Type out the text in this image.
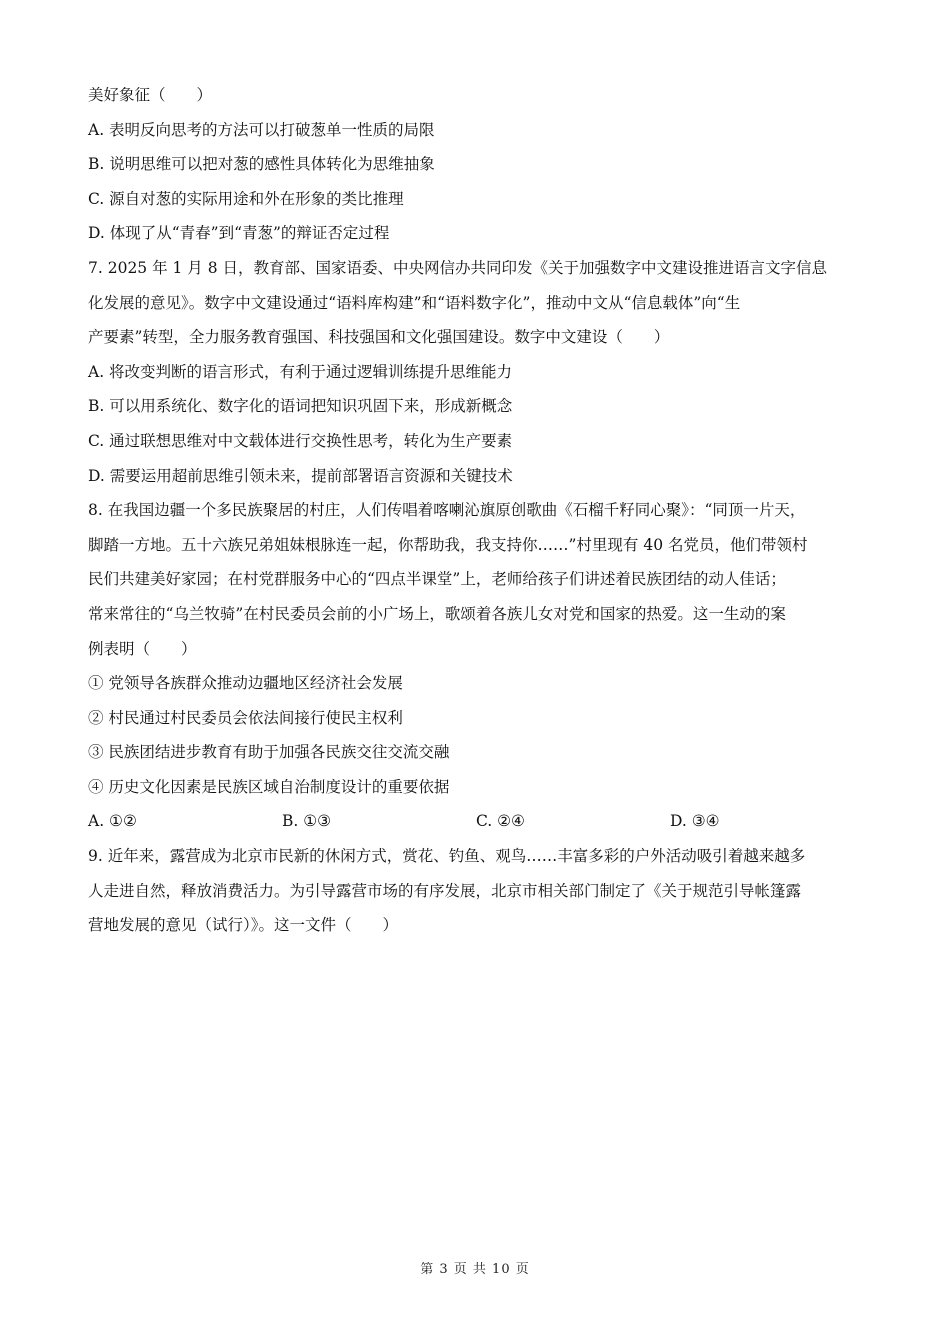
美好象征（　　）
A. 表明反向思考的方法可以打破葱单一性质的局限
B. 说明思维可以把对葱的感性具体转化为思维抽象
C. 源自对葱的实际用途和外在形象的类比推理
D. 体现了从“青春”到“青葱”的辩证否定过程
7. 2025 年 1 月 8 日，教育部、国家语委、中央网信办共同印发《关于加强数字中文建设推进语言文字信息
化发展的意见》。数字中文建设通过“语料库构建”和“语料数字化”，推动中文从“信息载体”向“生
产要素”转型，全力服务教育强国、科技强国和文化强国建设。数字中文建设（　　）
A. 将改变判断的语言形式，有利于通过逻辑训练提升思维能力
B. 可以用系统化、数字化的语词把知识巩固下来，形成新概念
C. 通过联想思维对中文载体进行交换性思考，转化为生产要素
D. 需要运用超前思维引领未来，提前部署语言资源和关键技术
8. 在我国边疆一个多民族聚居的村庄，人们传唱着喀喇沁旗原创歌曲《石榴千籽同心聚》：“同顶一片天，
脚踏一方地。五十六族兄弟姐妹根脉连一起，你帮助我，我支持你……”村里现有 40 名党员，他们带领村
民们共建美好家园；在村党群服务中心的“四点半课堂”上，老师给孩子们讲述着民族团结的动人佳话；
常来常往的“乌兰牧骑”在村民委员会前的小广场上，歌颂着各族儿女对党和国家的热爱。这一生动的案
例表明（　　）
① 党领导各族群众推动边疆地区经济社会发展
② 村民通过村民委员会依法间接行使民主权利
③ 民族团结进步教育有助于加强各民族交往交流交融
④ 历史文化因素是民族区域自治制度设计的重要依据
A. ①②	B. ①③	C. ②④	D. ③④
9. 近年来，露营成为北京市民新的休闲方式，赏花、钓鱼、观鸟……丰富多彩的户外活动吸引着越来越多
人走进自然，释放消费活力。为引导露营市场的有序发展，北京市相关部门制定了《关于规范引导帐篷露
营地发展的意见（试行）》。这一文件（　　）
第 3 页 共 10 页
